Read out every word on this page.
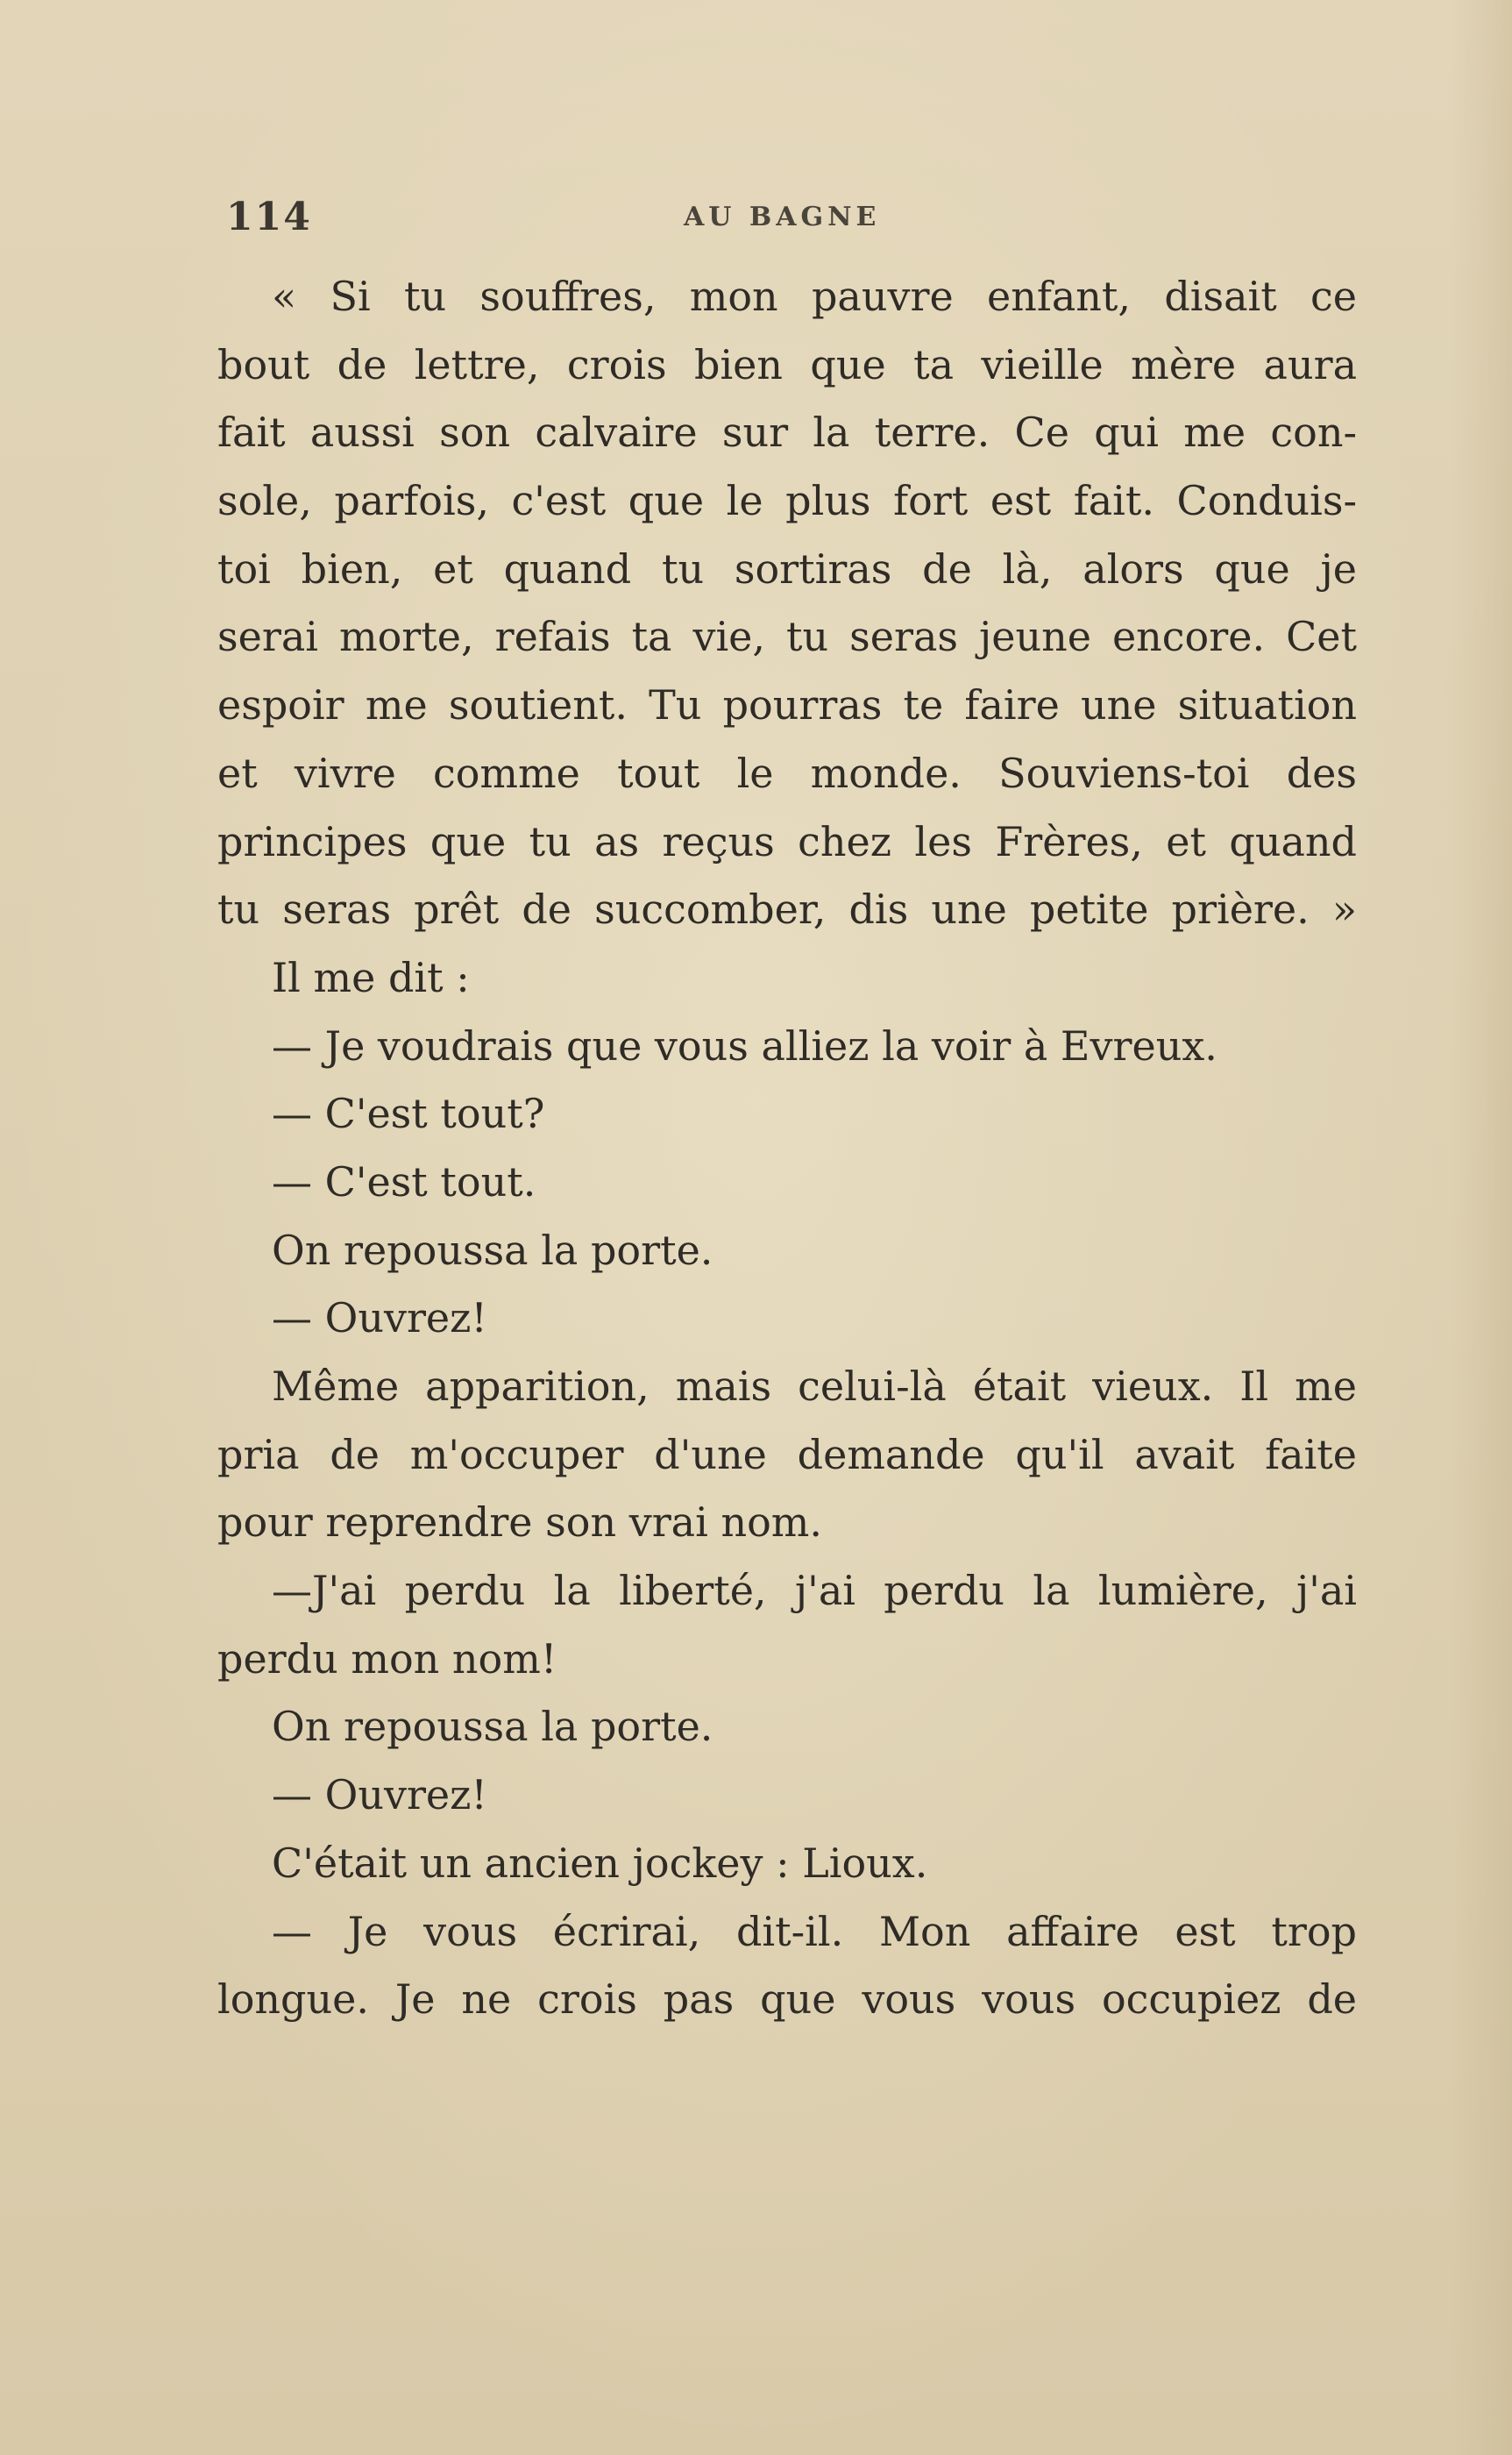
114	AU BAGNE
« Si tu souffres, mon pauvre enfant, disait ce
bout de lettre, crois bien que ta vieille mère aura
fait aussi son calvaire sur la terre. Ce qui me con-
sole, parfois, c'est que le plus fort est fait. Conduis-
toi bien, et quand tu sortiras de là, alors que je
serai morte, refais ta vie, tu seras jeune encore. Cet
espoir me soutient. Tu pourras te faire une situation
et vivre comme tout le monde. Souviens-toi des
principes que tu as reçus chez les Frères, et quand
tu seras prêt de succomber, dis une petite prière. »
Il me dit :
— Je voudrais que vous alliez la voir à Evreux.
— C'est tout?
— C'est tout.
On repoussa la porte.
— Ouvrez!
Même apparition, mais celui-là était vieux. Il me
pria de m'occuper d'une demande qu'il avait faite
pour reprendre son vrai nom.
—J'ai perdu la liberté, j'ai perdu la lumière, j'ai
perdu mon nom!
On repoussa la porte.
— Ouvrez!
C'était un ancien jockey : Lioux.
— Je vous écrirai, dit-il. Mon affaire est trop
longue. Je ne crois pas que vous vous occupiez de
